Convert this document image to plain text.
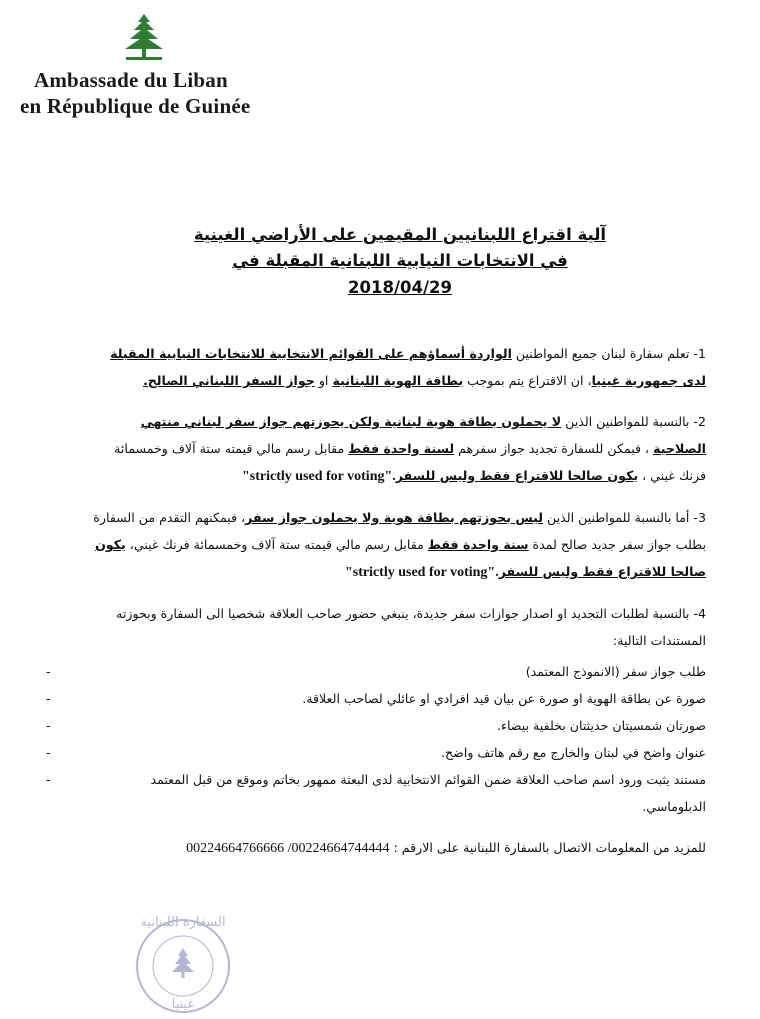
Ambassade du Liban
en République de Guinée
آلية اقتراع اللبنانيين المقيمين على الأراضي الغينية
في الانتخابات النيابية اللبنانية المقبلة في 2018/04/29

1- تعلم سفارة لبنان جميع المواطنين الواردة أسماؤهم على القوائم الانتخابية للانتخابات النيابية المقبلة لدى جمهورية غينيا، ان الاقتراع يتم بموجب بطاقة الهوية اللبنانية او جواز السفر اللبناني الصالح.

2- بالنسبة للمواطنين الذين لا يحملون بطاقة هوية لبنانية ولكن يحوزتهم جواز سفر لبناني منتهي الصلاحية ، فيمكن للسفارة تجديد جواز سفرهم لسنة واحدة فقط مقابل رسم مالي قيمته ستة آلاف وخمسمائة فرنك غيني ، يكون صالحا للاقتراع فقط وليس للسفر"strictly used for voting".

3- أما بالنسبة للمواطنين الذين ليس بحوزتهم بطاقة هوية ولا يحملون جواز سفر، فيمكنهم التقدم من السفارة بطلب جواز سفر جديد صالح لمدة سنة واحدة فقط مقابل رسم مالي قيمته ستة آلاف وخمسمائة فرنك غيني، يكون صالحا للاقتراع فقط وليس للسفر"strictly used for voting".

4- بالنسبة لطلبات التجديد او اصدار جوازات سفر جديدة، ينبغي حضور صاحب العلاقة شخصيا الى السفارة وبحوزته المستندات التالية:

طلب جواز سفر (الانموذج المعتمد)
-
صورة عن بطاقة الهوية او صورة عن بيان قيد افرادي او عائلي لصاحب العلاقة.
-
صورتان شمسيتان حديثتان بخلفية بيضاء.
-
عنوان واضح في لبنان والخارج مع رقم هاتف واضح.
-
مستند يثبت ورود اسم صاحب العلاقة ضمن القوائم الانتخابية لدى البعثة ممهور بخاتم وموقع من قبل المعتمد الدبلوماسي.
-

للمزيد من المعلومات الاتصال بالسفارة اللبنانية على الارقم : 00224664766666 /00224664744444

السفارة اللبنانية
غينيا
